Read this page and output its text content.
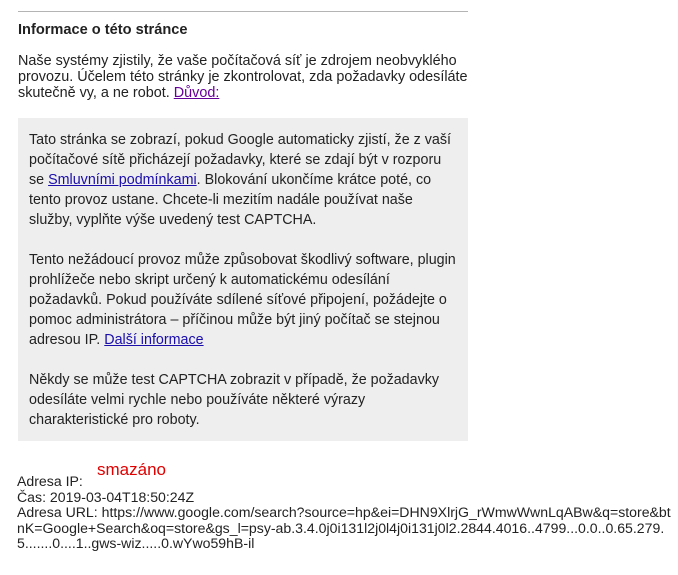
Informace o této stránce
Naše systémy zjistily, že vaše počítačová síť je zdrojem neobvyklého provozu. Účelem této stránky je zkontrolovat, zda požadavky odesíláte skutečně vy, a ne robot. Důvod:

Tato stránka se zobrazí, pokud Google automaticky zjistí, že z vaší počítačové sítě přicházejí požadavky, které se zdají být v rozporu se Smluvními podmínkami. Blokování ukončíme krátce poté, co tento provoz ustane. Chcete-li mezitím nadále používat naše služby, vyplňte výše uvedený test CAPTCHA.

Tento nežádoucí provoz může způsobovat škodlivý software, plugin prohlížeče nebo skript určený k automatickému odesílání požadavků. Pokud používáte sdílené síťové připojení, požádejte o pomoc administrátora – příčinou může být jiný počítač se stejnou adresou IP. Další informace

Někdy se může test CAPTCHA zobrazit v případě, že požadavky odesíláte velmi rychle nebo používáte některé výrazy charakteristické pro roboty.

smazáno
Adresa IP:
Čas: 2019-03-04T18:50:24Z
Adresa URL: https://www.google.com/search?source=hp&ei=DHN9XlrjG_rWmwWwnLqABw&q=store&btnK=Google+Search&oq=store&gs_l=psy-ab.3.4.0j0i131l2j0l4j0i131j0l2.2844.4016..4799...0.0..0.65.279.5.......0....1..gws-wiz.....0.wYwo59hB-il
